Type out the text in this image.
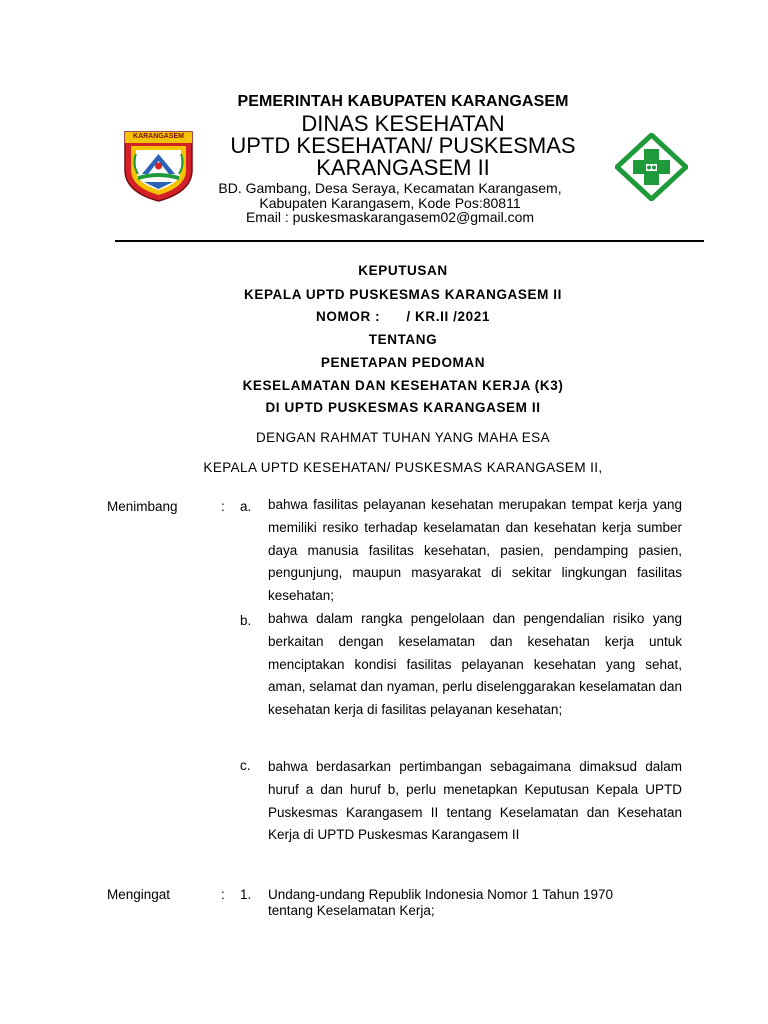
KARANGASEM
PEMERINTAH KABUPATEN KARANGASEM
DINAS KESEHATAN
UPTD KESEHATAN/ PUSKESMAS
KARANGASEM II
BD. Gambang, Desa Seraya, Kecamatan Karangasem,
Kabupaten Karangasem, Kode Pos:80811
Email : puskesmaskarangasem02@gmail.com
KEPUTUSAN
KEPALA UPTD PUSKESMAS KARANGASEM II
NOMOR :      / KR.II /2021
TENTANG
PENETAPAN PEDOMAN
KESELAMATAN DAN KESEHATAN KERJA (K3)
DI UPTD PUSKESMAS KARANGASEM II
DENGAN RAHMAT TUHAN YANG MAHA ESA
KEPALA UPTD KESEHATAN/ PUSKESMAS KARANGASEM II,
Menimbang	: a. bahwa fasilitas pelayanan kesehatan merupakan tempat kerja yang memiliki resiko terhadap keselamatan dan kesehatan kerja sumber daya manusia fasilitas kesehatan, pasien, pendamping pasien, pengunjung, maupun masyarakat di sekitar lingkungan fasilitas kesehatan;
b. bahwa dalam rangka pengelolaan dan pengendalian risiko yang berkaitan dengan keselamatan dan kesehatan kerja untuk menciptakan kondisi fasilitas pelayanan kesehatan yang sehat, aman, selamat dan nyaman, perlu diselenggarakan keselamatan dan kesehatan kerja di fasilitas pelayanan kesehatan;
c. bahwa berdasarkan pertimbangan sebagaimana dimaksud dalam huruf a dan huruf b, perlu menetapkan Keputusan Kepala UPTD Puskesmas Karangasem II tentang Keselamatan dan Kesehatan Kerja di UPTD Puskesmas Karangasem II
Mengingat	: 1. Undang-undang Republik Indonesia Nomor 1 Tahun 1970
tentang Keselamatan Kerja;
